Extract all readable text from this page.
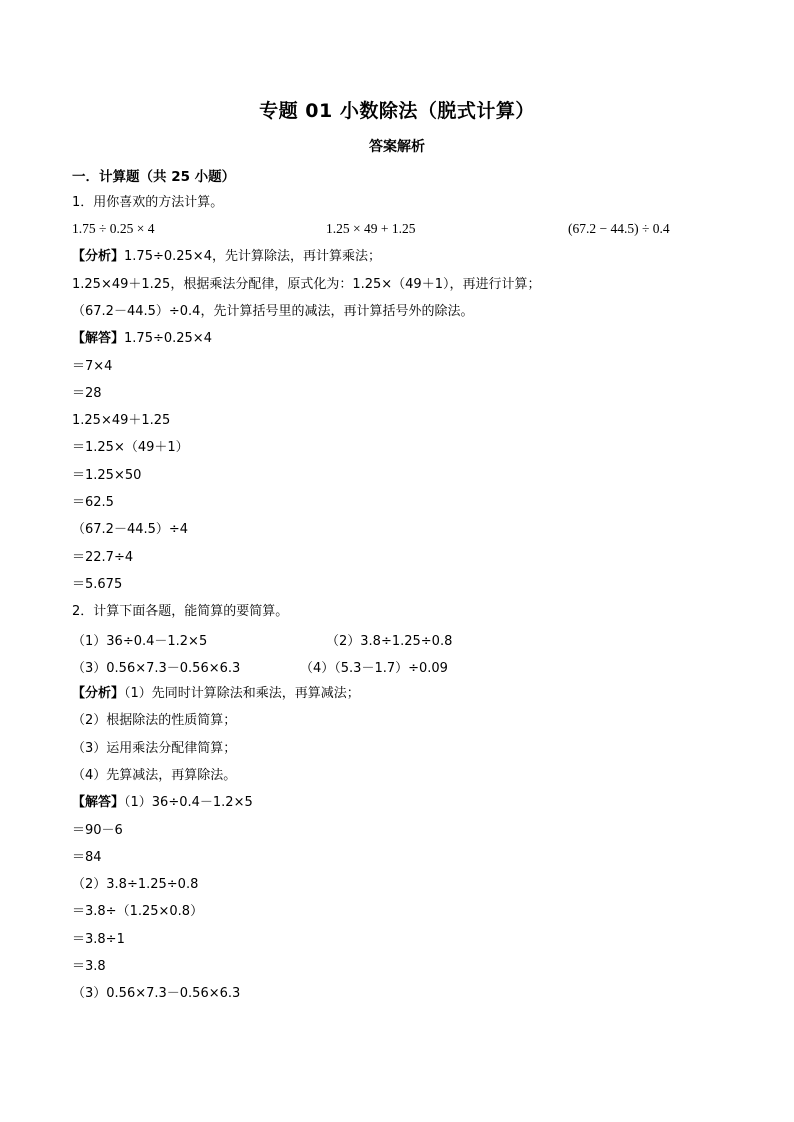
专题 01 小数除法（脱式计算）
答案解析
一．计算题（共 25 小题）
1．用你喜欢的方法计算。
1.75 ÷ 0.25 × 4	1.25 × 49 + 1.25	(67.2 − 44.5) ÷ 0.4
【分析】1.75÷0.25×4，先计算除法，再计算乘法；
1.25×49＋1.25，根据乘法分配律，原式化为：1.25×（49＋1），再进行计算；
（67.2－44.5）÷0.4，先计算括号里的减法，再计算括号外的除法。
【解答】1.75÷0.25×4
＝7×4
＝28
1.25×49＋1.25
＝1.25×（49＋1）
＝1.25×50
＝62.5
（67.2－44.5）÷4
＝22.7÷4
＝5.675
2．计算下面各题，能简算的要简算。
（1）36÷0.4－1.2×5	（2）3.8÷1.25÷0.8
（3）0.56×7.3－0.56×6.3	（4）（5.3－1.7）÷0.09
【分析】（1）先同时计算除法和乘法，再算减法；
（2）根据除法的性质简算；
（3）运用乘法分配律简算；
（4）先算减法，再算除法。
【解答】（1）36÷0.4－1.2×5
＝90－6
＝84
（2）3.8÷1.25÷0.8
＝3.8÷（1.25×0.8）
＝3.8÷1
＝3.8
（3）0.56×7.3－0.56×6.3
